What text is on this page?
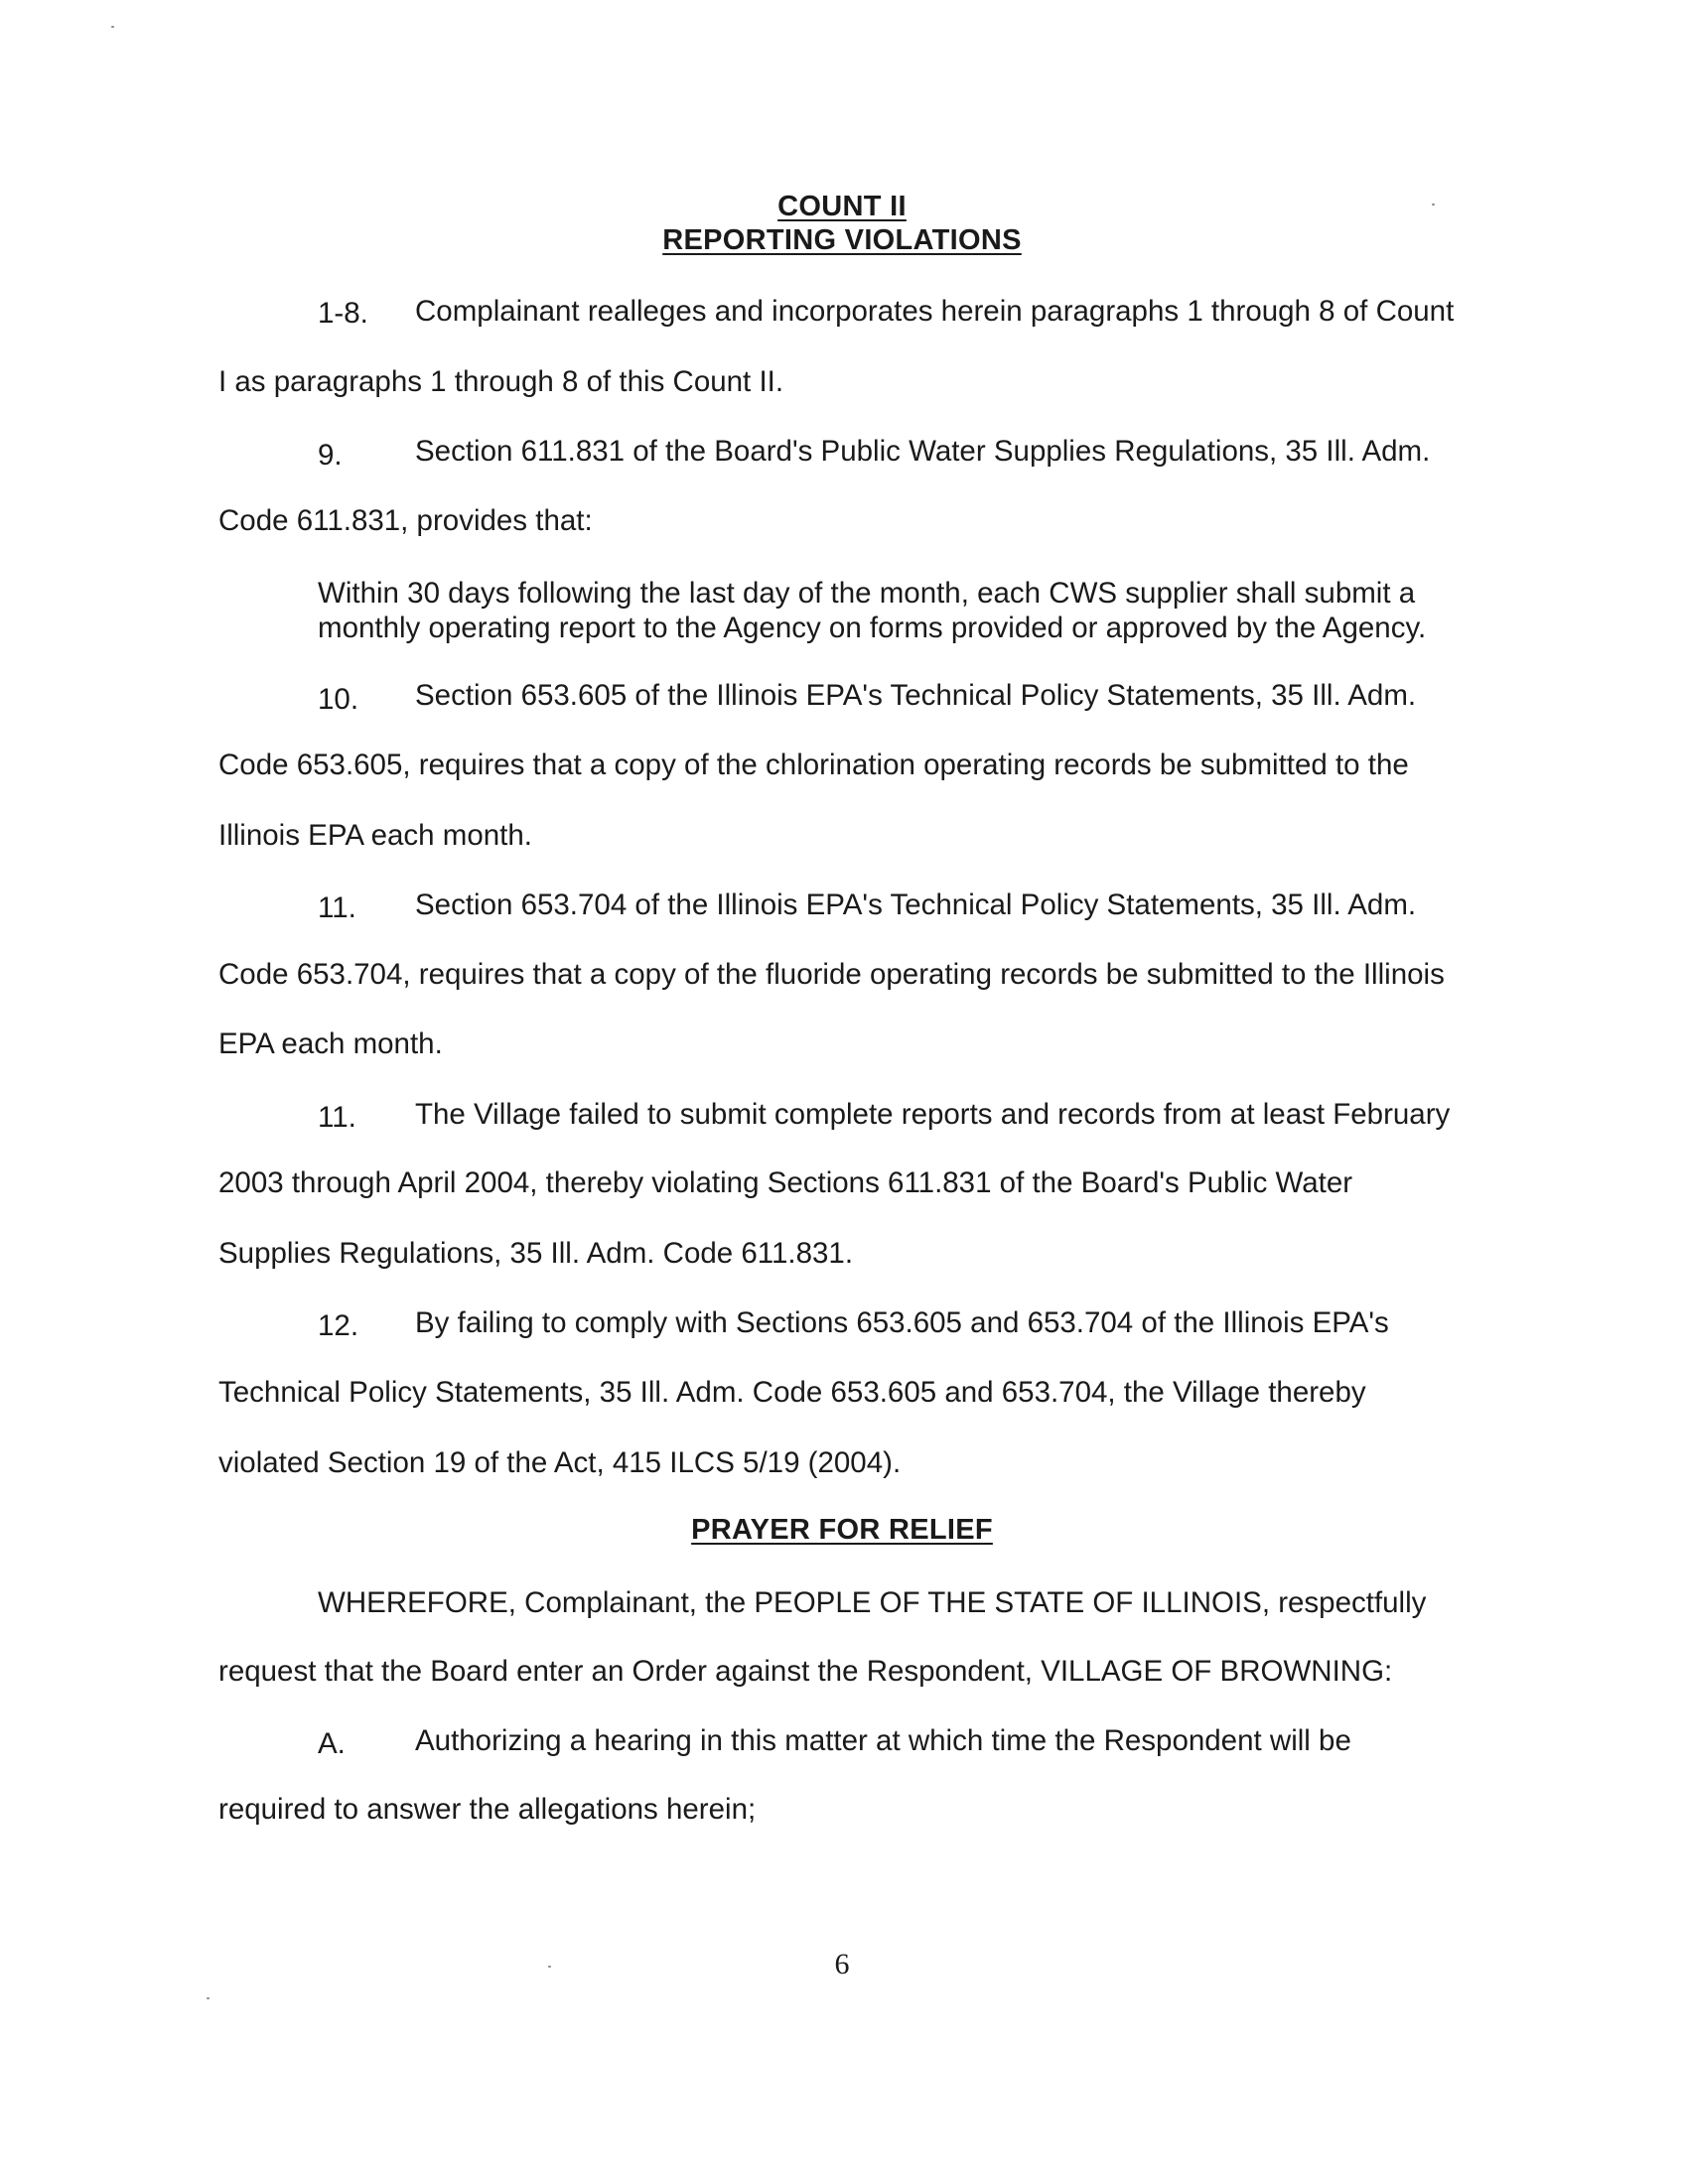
COUNT II

REPORTING VIOLATIONS

1-8. Complainant realleges and incorporates herein paragraphs 1 through 8 of Count
I as paragraphs 1 through 8 of this Count II.
9. Section 611.831 of the Board's Public Water Supplies Regulations, 35 Ill. Adm.
Code 611.831, provides that:

Within 30 days following the last day of the month, each CWS supplier shall submit a monthly operating report to the Agency on forms provided or approved by the Agency.

10. Section 653.605 of the Illinois EPA's Technical Policy Statements, 35 Ill. Adm.
Code 653.605, requires that a copy of the chlorination operating records be submitted to the
Illinois EPA each month.
11. Section 653.704 of the Illinois EPA's Technical Policy Statements, 35 Ill. Adm.
Code 653.704, requires that a copy of the fluoride operating records be submitted to the Illinois
EPA each month.
11. The Village failed to submit complete reports and records from at least February
2003 through April 2004, thereby violating Sections 611.831 of the Board's Public Water
Supplies Regulations, 35 Ill. Adm. Code 611.831.
12. By failing to comply with Sections 653.605 and 653.704 of the Illinois EPA's
Technical Policy Statements, 35 Ill. Adm. Code 653.605 and 653.704, the Village thereby
violated Section 19 of the Act, 415 ILCS 5/19 (2004).

PRAYER FOR RELIEF

WHEREFORE, Complainant, the PEOPLE OF THE STATE OF ILLINOIS, respectfully
request that the Board enter an Order against the Respondent, VILLAGE OF BROWNING:
A. Authorizing a hearing in this matter at which time the Respondent will be
required to answer the allegations herein;

6
